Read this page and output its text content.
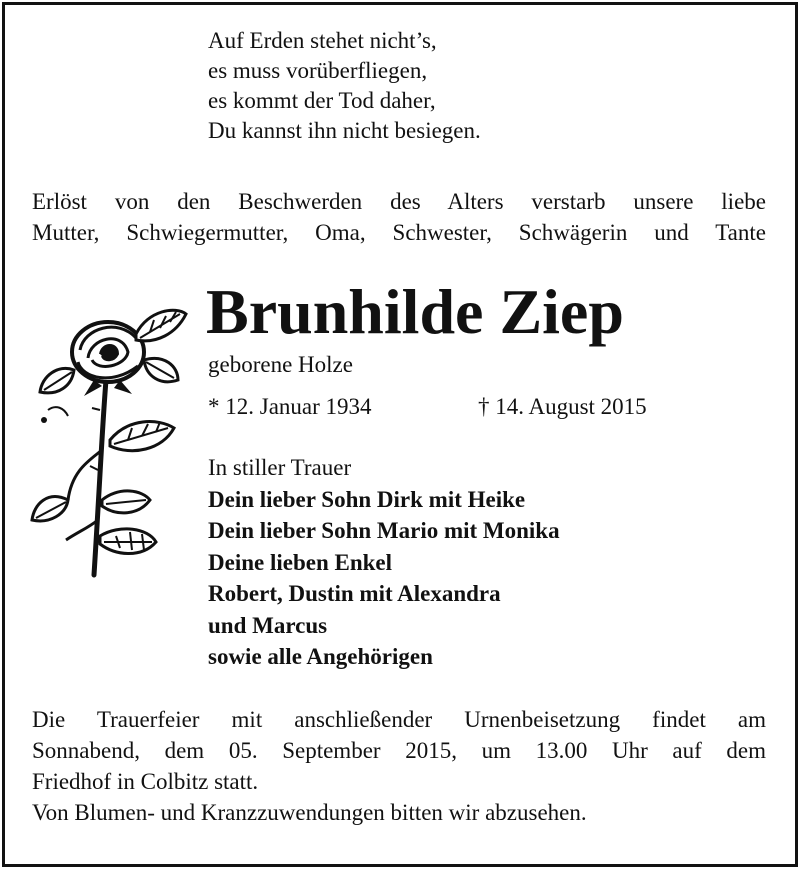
Auf Erden stehet nicht’s,
es muss vorüberfliegen,
es kommt der Tod daher,
Du kannst ihn nicht besiegen.
Erlöst von den Beschwerden des Alters verstarb unsere liebe
Mutter, Schwiegermutter, Oma, Schwester, Schwägerin und Tante
Brunhilde Ziep
geborene Holze
* 12. Januar 1934	† 14. August 2015
In stiller Trauer
Dein lieber Sohn Dirk mit Heike
Dein lieber Sohn Mario mit Monika
Deine lieben Enkel
Robert, Dustin mit Alexandra
und Marcus
sowie alle Angehörigen
Die Trauerfeier mit anschließender Urnenbeisetzung findet am
Sonnabend, dem 05. September 2015, um 13.00 Uhr auf dem
Friedhof in Colbitz statt.
Von Blumen- und Kranzzuwendungen bitten wir abzusehen.
